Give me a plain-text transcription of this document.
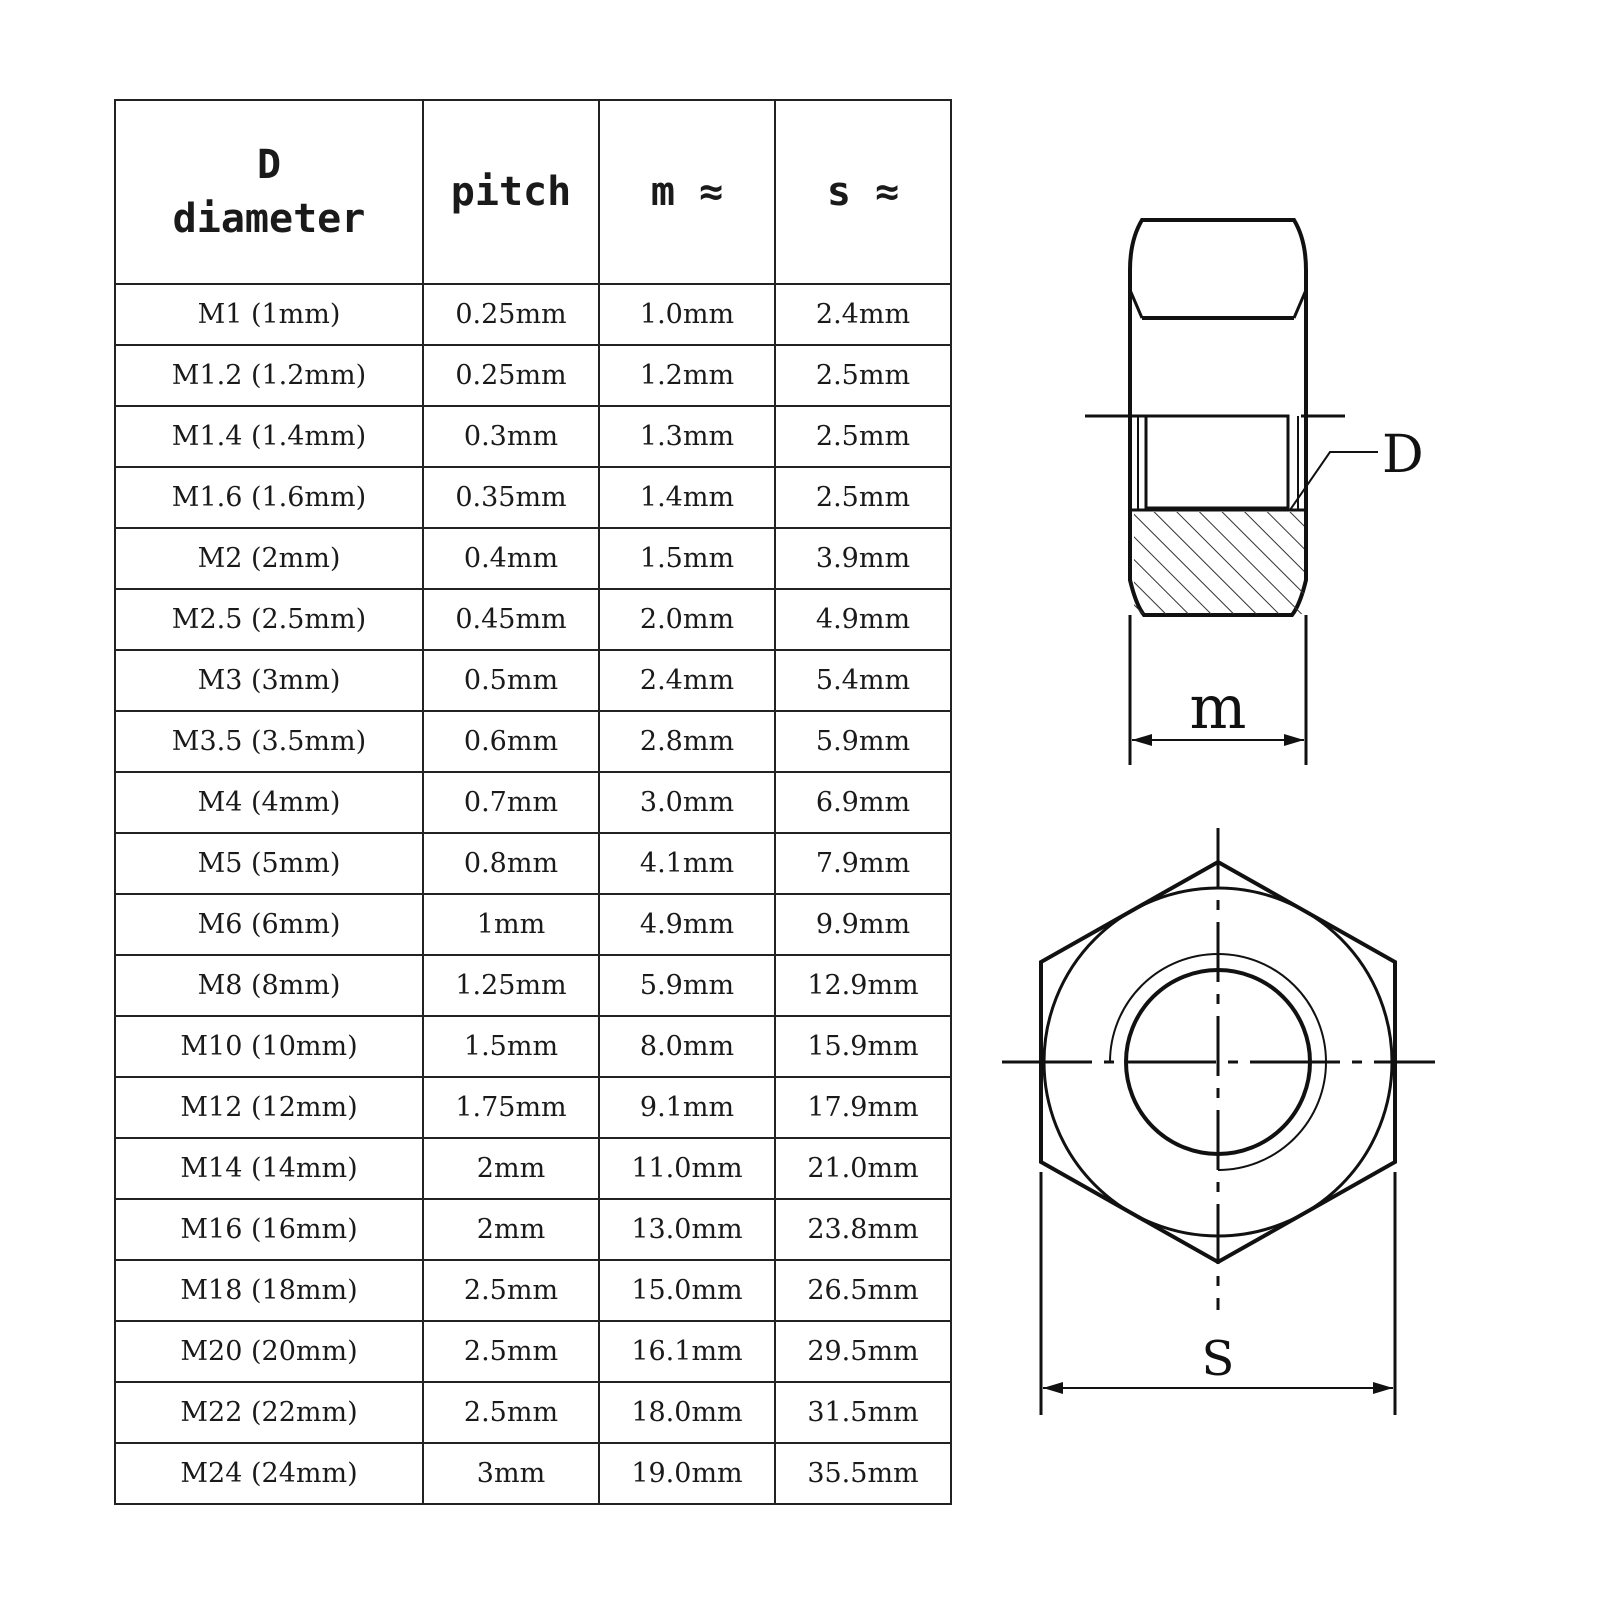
D
diameter	pitch	m ≈	s ≈
M1 (1mm)	0.25mm	1.0mm	2.4mm
M1.2 (1.2mm)	0.25mm	1.2mm	2.5mm
M1.4 (1.4mm)	0.3mm	1.3mm	2.5mm
M1.6 (1.6mm)	0.35mm	1.4mm	2.5mm
M2 (2mm)	0.4mm	1.5mm	3.9mm
M2.5 (2.5mm)	0.45mm	2.0mm	4.9mm
M3 (3mm)	0.5mm	2.4mm	5.4mm
M3.5 (3.5mm)	0.6mm	2.8mm	5.9mm
M4 (4mm)	0.7mm	3.0mm	6.9mm
M5 (5mm)	0.8mm	4.1mm	7.9mm
M6 (6mm)	1mm	4.9mm	9.9mm
M8 (8mm)	1.25mm	5.9mm	12.9mm
M10 (10mm)	1.5mm	8.0mm	15.9mm
M12 (12mm)	1.75mm	9.1mm	17.9mm
M14 (14mm)	2mm	11.0mm	21.0mm
M16 (16mm)	2mm	13.0mm	23.8mm
M18 (18mm)	2.5mm	15.0mm	26.5mm
M20 (20mm)	2.5mm	16.1mm	29.5mm
M22 (22mm)	2.5mm	18.0mm	31.5mm
M24 (24mm)	3mm	19.0mm	35.5mm
D
m
S
